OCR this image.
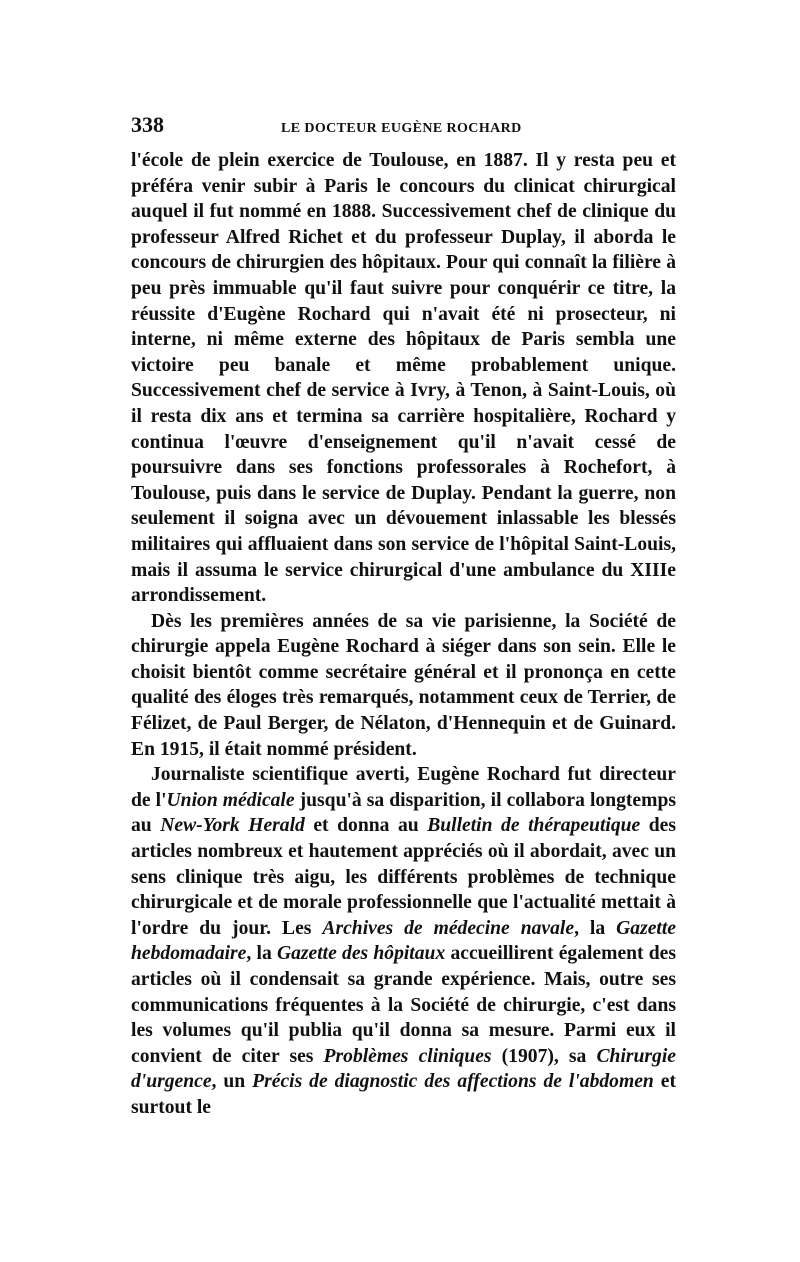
338	LE DOCTEUR EUGÈNE ROCHARD

l'école de plein exercice de Toulouse, en 1887. Il y resta peu et préféra venir subir à Paris le concours du clinicat chirurgical auquel il fut nommé en 1888. Successivement chef de clinique du professeur Alfred Richet et du professeur Duplay, il aborda le concours de chirurgien des hôpitaux. Pour qui connaît la filière à peu près immuable qu'il faut suivre pour conquérir ce titre, la réussite d'Eugène Rochard qui n'avait été ni prosecteur, ni interne, ni même externe des hôpitaux de Paris sembla une victoire peu banale et même probablement unique. Successivement chef de service à Ivry, à Tenon, à Saint-Louis, où il resta dix ans et termina sa carrière hospitalière, Rochard y continua l'œuvre d'enseignement qu'il n'avait cessé de poursuivre dans ses fonctions professorales à Rochefort, à Toulouse, puis dans le service de Duplay. Pendant la guerre, non seulement il soigna avec un dévouement inlassable les blessés militaires qui affluaient dans son service de l'hôpital Saint-Louis, mais il assuma le service chirurgical d'une ambulance du XIIIe arrondissement.

Dès les premières années de sa vie parisienne, la Société de chirurgie appela Eugène Rochard à siéger dans son sein. Elle le choisit bientôt comme secrétaire général et il prononça en cette qualité des éloges très remarqués, notamment ceux de Terrier, de Félizet, de Paul Berger, de Nélaton, d'Hennequin et de Guinard. En 1915, il était nommé président.

Journaliste scientifique averti, Eugène Rochard fut directeur de l'Union médicale jusqu'à sa disparition, il collabora longtemps au New-York Herald et donna au Bulletin de thérapeutique des articles nombreux et hautement appréciés où il abordait, avec un sens clinique très aigu, les différents problèmes de technique chirurgicale et de morale professionnelle que l'actualité mettait à l'ordre du jour. Les Archives de médecine navale, la Gazette hebdomadaire, la Gazette des hôpitaux accueillirent également des articles où il condensait sa grande expérience. Mais, outre ses communications fréquentes à la Société de chirurgie, c'est dans les volumes qu'il publia qu'il donna sa mesure. Parmi eux il convient de citer ses Problèmes cliniques (1907), sa Chirurgie d'urgence, un Précis de diagnostic des affections de l'abdomen et surtout le
